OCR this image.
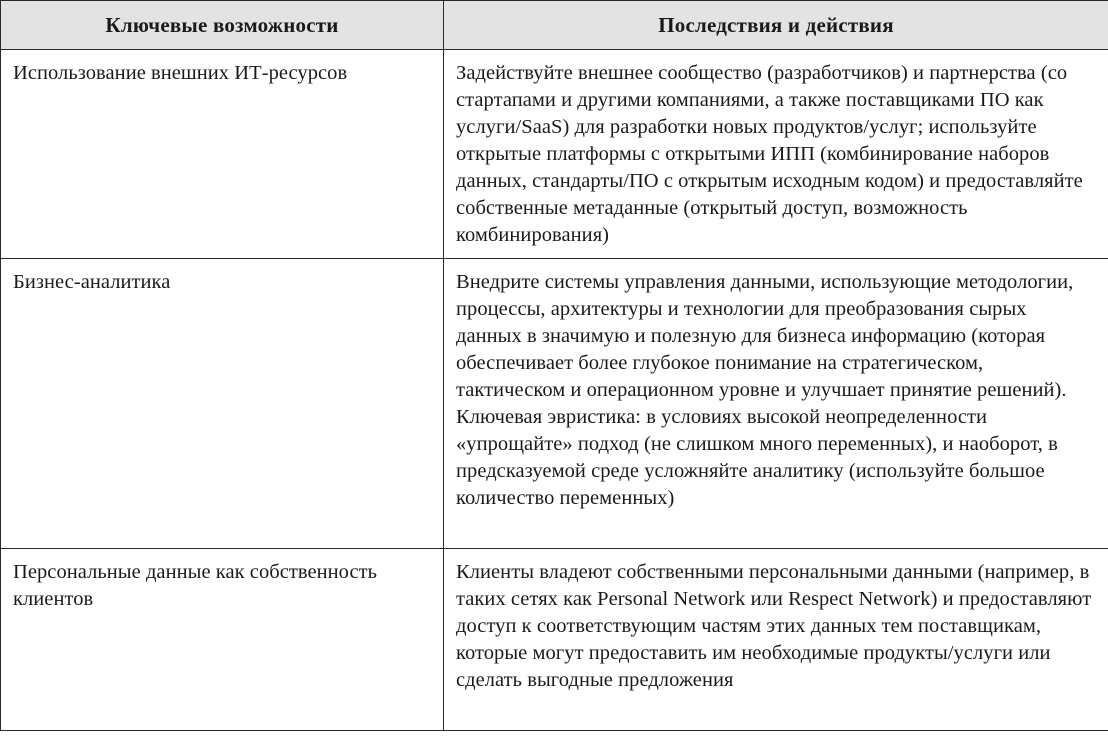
Ключевые возможности	Последствия и действия
Использование внешних ИТ-ресурсов	Задействуйте внешнее сообщество (разработчиков) и партнерства (со стартапами и другими компаниями, а также поставщиками ПО как услуги/SaaS) для разработки новых продуктов/услуг; используйте открытые платформы с открытыми ИПП (комбинирование наборов данных, стандарты/ПО с открытым исходным кодом) и предоставляйте собственные метаданные (открытый доступ, возможность комбинирования)
Бизнес-аналитика	Внедрите системы управления данными, использующие методологии, процессы, архитектуры и технологии для преобразования сырых данных в значимую и полезную для бизнеса информацию (которая обеспечивает более глубокое понимание на стратегическом, тактическом и операционном уровне и улучшает принятие решений). Ключевая эвристика: в условиях высокой неопределенности «упрощайте» подход (не слишком много переменных), и наоборот, в предсказуемой среде усложняйте аналитику (используйте большое количество переменных)
Персональные данные как собственность клиентов	Клиенты владеют собственными персональными данными (например, в таких сетях как Personal Network или Respect Network) и предоставляют доступ к соответствующим частям этих данных тем поставщикам, которые могут предоставить им необходимые продукты/услуги или сделать выгодные предложения
